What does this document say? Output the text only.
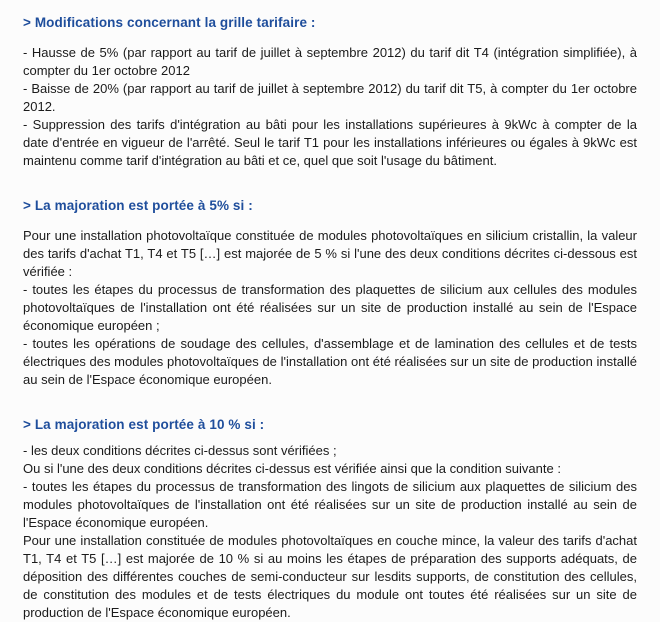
> Modifications concernant la grille tarifaire :

- Hausse de 5% (par rapport au tarif de juillet à septembre 2012) du tarif dit T4 (intégration simplifiée), à compter du 1er octobre 2012

- Baisse de 20% (par rapport au tarif de juillet à septembre 2012) du tarif dit T5, à compter du 1er octobre 2012.

- Suppression des tarifs d'intégration au bâti pour les installations supérieures à 9kWc à compter de la date d'entrée en vigueur de l'arrêté. Seul le tarif T1 pour les installations inférieures ou égales à 9kWc est maintenu comme tarif d'intégration au bâti et ce, quel que soit l'usage du bâtiment.

> La majoration est portée à 5% si :

Pour une installation photovoltaïque constituée de modules photovoltaïques en silicium cristallin, la valeur des tarifs d'achat T1, T4 et T5 […] est majorée de 5 % si l'une des deux conditions décrites ci-dessous est vérifiée :

- toutes les étapes du processus de transformation des plaquettes de silicium aux cellules des modules photovoltaïques de l'installation ont été réalisées sur un site de production installé au sein de l'Espace économique européen ;

- toutes les opérations de soudage des cellules, d'assemblage et de lamination des cellules et de tests électriques des modules photovoltaïques de l'installation ont été réalisées sur un site de production installé au sein de l'Espace économique européen.

> La majoration est portée à 10 % si :

- les deux conditions décrites ci-dessus sont vérifiées ;

Ou si l'une des deux conditions décrites ci-dessus est vérifiée ainsi que la condition suivante :

- toutes les étapes du processus de transformation des lingots de silicium aux plaquettes de silicium des modules photovoltaïques de l'installation ont été réalisées sur un site de production installé au sein de l'Espace économique européen.

Pour une installation constituée de modules photovoltaïques en couche mince, la valeur des tarifs d'achat T1, T4 et T5 […] est majorée de 10 % si au moins les étapes de préparation des supports adéquats, de déposition des différentes couches de semi-conducteur sur lesdits supports, de constitution des cellules, de constitution des modules et de tests électriques du module ont toutes été réalisées sur un site de production de l'Espace économique européen.
